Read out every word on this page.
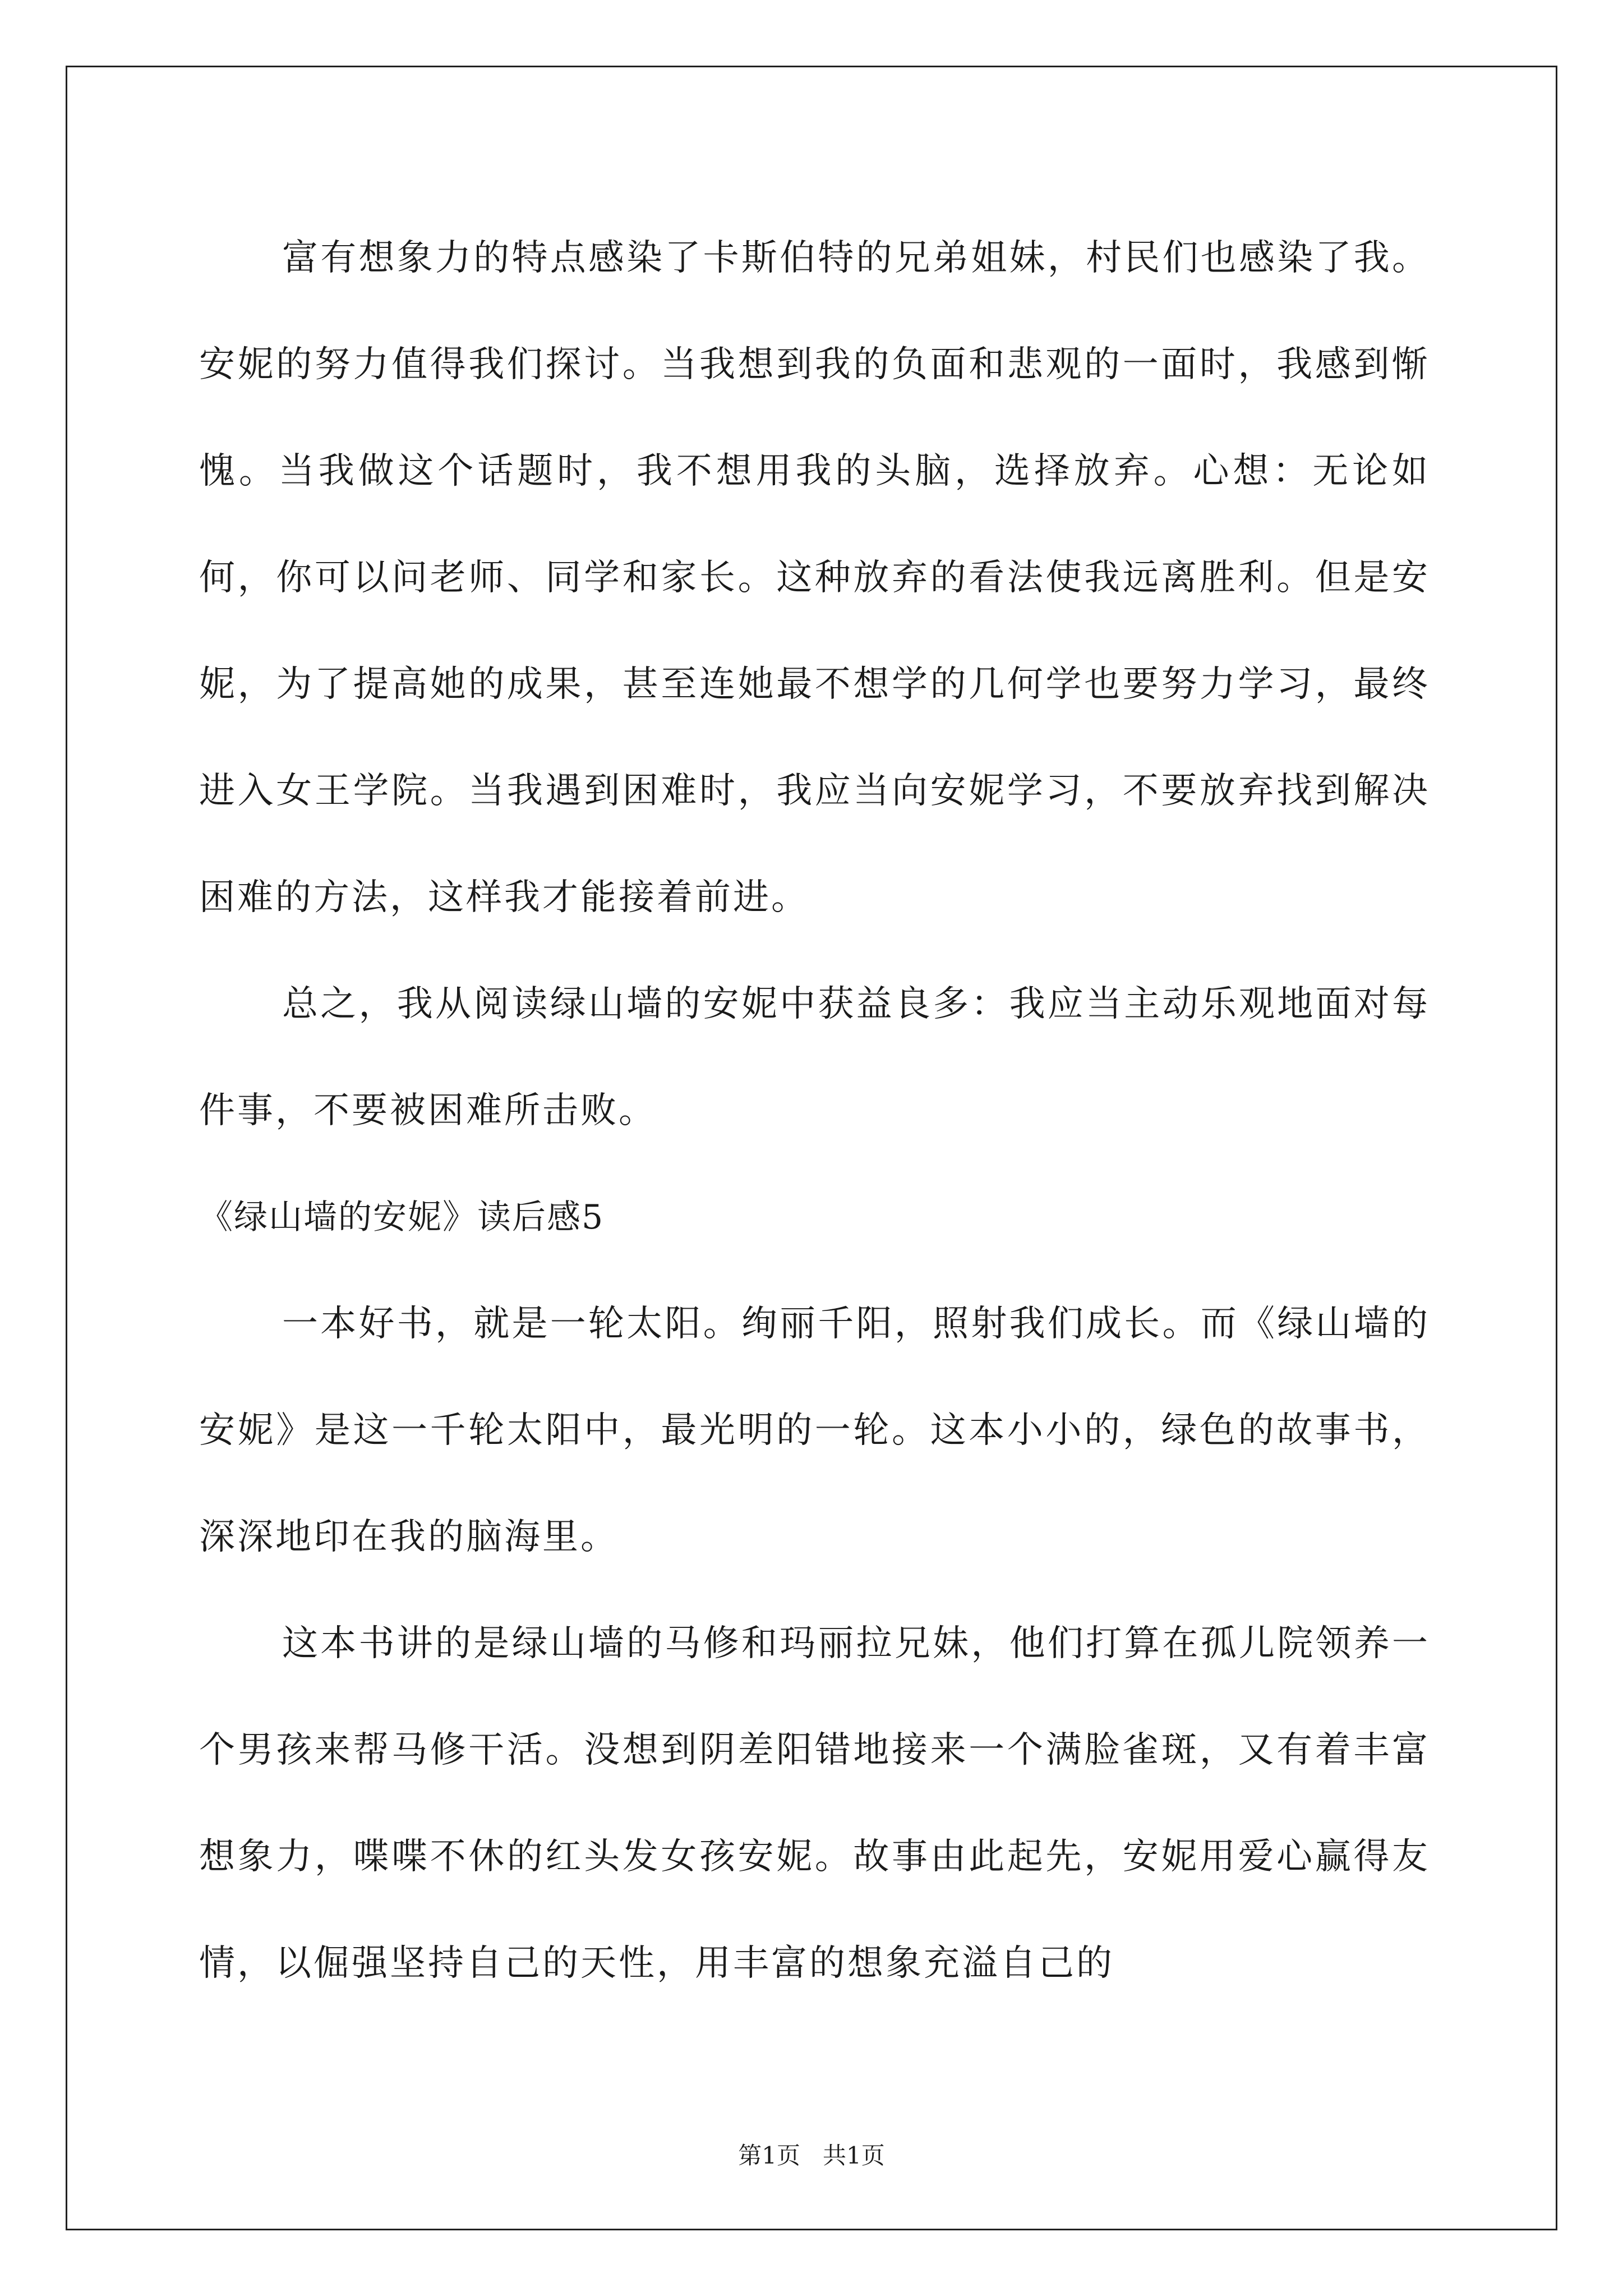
富有想象力的特点感染了卡斯伯特的兄弟姐妹，村民们也感染了我。安妮的努力值得我们探讨。当我想到我的负面和悲观的一面时，我感到惭愧。当我做这个话题时，我不想用我的头脑，选择放弃。心想：无论如何，你可以问老师、同学和家长。这种放弃的看法使我远离胜利。但是安妮，为了提高她的成果，甚至连她最不想学的几何学也要努力学习，最终进入女王学院。当我遇到困难时，我应当向安妮学习，不要放弃找到解决困难的方法，这样我才能接着前进。

总之，我从阅读绿山墙的安妮中获益良多：我应当主动乐观地面对每件事，不要被困难所击败。

《绿山墙的安妮》读后感5

一本好书，就是一轮太阳。绚丽千阳，照射我们成长。而《绿山墙的安妮》是这一千轮太阳中，最光明的一轮。这本小小的，绿色的故事书，深深地印在我的脑海里。

这本书讲的是绿山墙的马修和玛丽拉兄妹，他们打算在孤儿院领养一个男孩来帮马修干活。没想到阴差阳错地接来一个满脸雀斑，又有着丰富想象力，喋喋不休的红头发女孩安妮。故事由此起先，安妮用爱心赢得友情，以倔强坚持自己的天性，用丰富的想象充溢自己的

第1页   共1页
